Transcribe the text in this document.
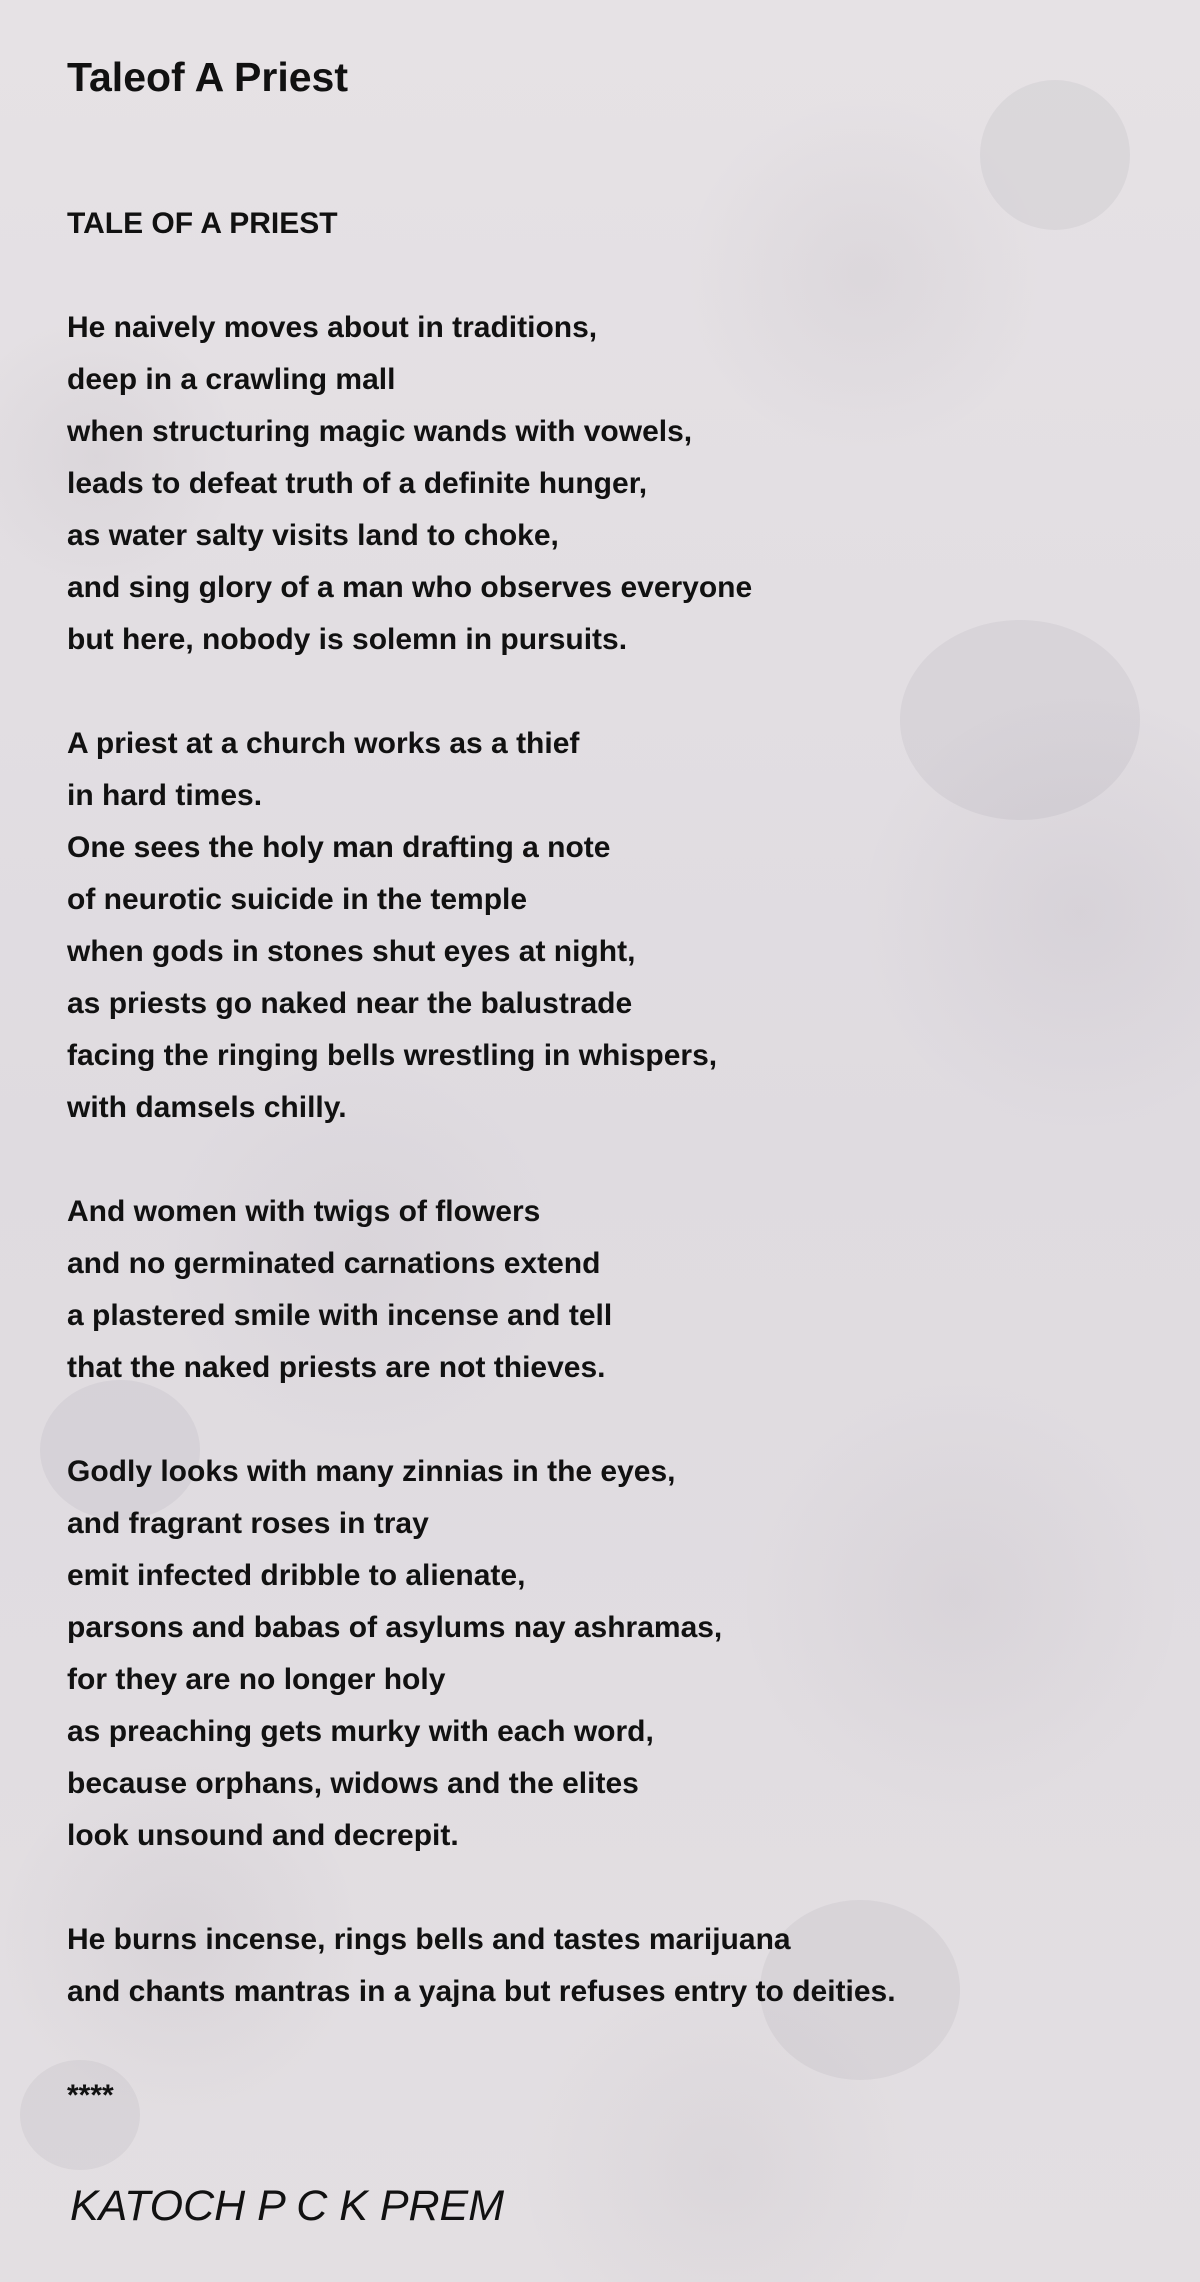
Taleof A Priest
TALE OF A PRIEST
He naively moves about in traditions,
deep in a crawling mall
when structuring magic wands with vowels,
leads to defeat truth of a definite hunger,
as water salty visits land to choke,
and sing glory of a man who observes everyone
but here, nobody is solemn in pursuits.
A priest at a church works as a thief
in hard times.
One sees the holy man drafting a note
of neurotic suicide in the temple
when gods in stones shut eyes at night,
as priests go naked near the balustrade
facing the ringing bells wrestling in whispers,
with damsels chilly.
And women with twigs of flowers
and no germinated carnations extend
a plastered smile with incense and tell
that the naked priests are not thieves.
Godly looks with many zinnias in the eyes,
and fragrant roses in tray
emit infected dribble to alienate,
parsons and babas of asylums nay ashramas,
for they are no longer holy
as preaching gets murky with each word,
because orphans, widows and the elites
look unsound and decrepit.
He burns incense, rings bells and tastes marijuana
and chants mantras in a yajna but refuses entry to deities.
****
KATOCH P C K PREM
